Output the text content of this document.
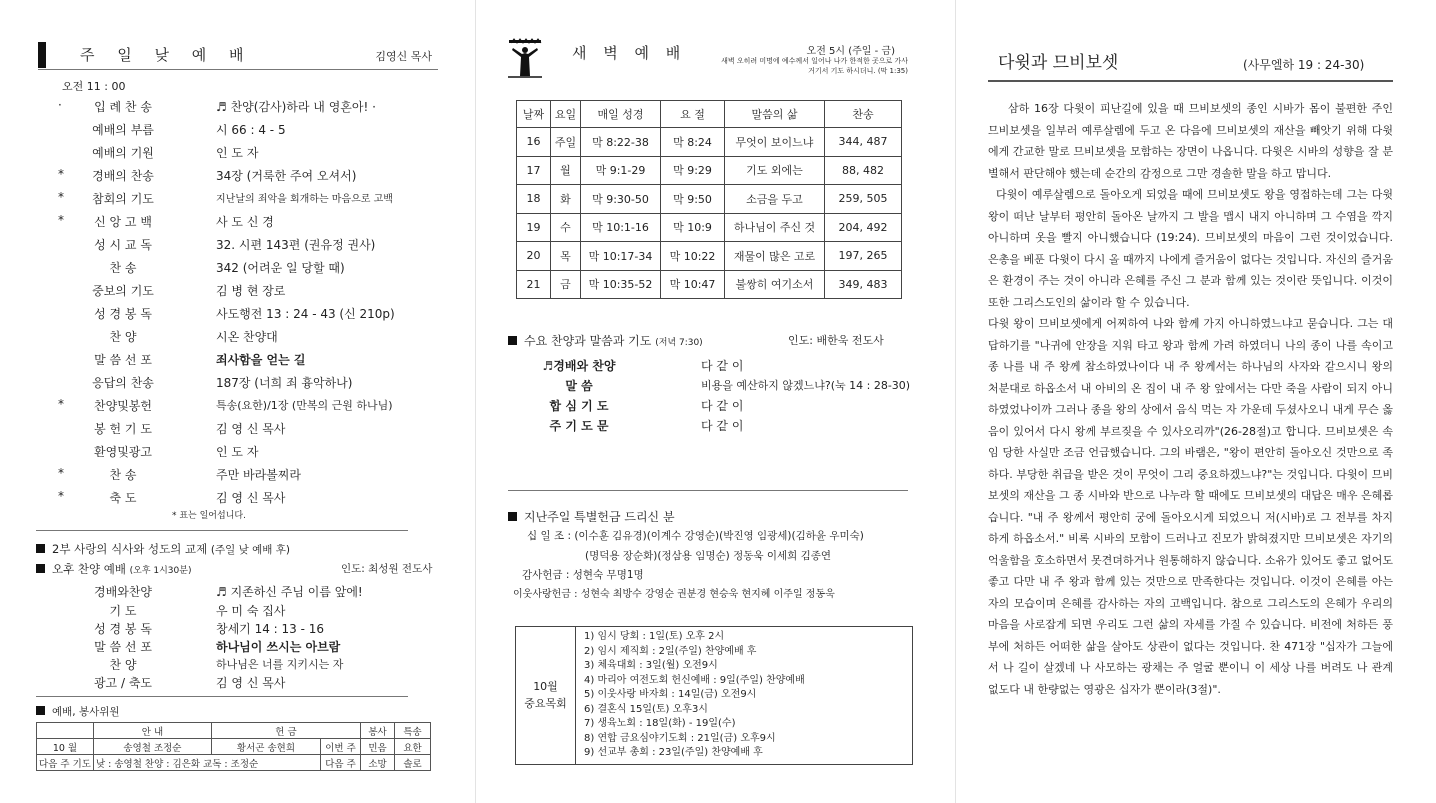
주 일 낮 예 배	김영신 목사
오전 11 : 00
·	입 례 찬 송	♬ 찬양(감사)하라 내 영혼아! ·
예배의 부름	시 66 : 4 - 5
예배의 기원	인 도 자
*	경배의 찬송	34장 (거룩한 주여 오셔서)
*	참회의 기도	지난날의 죄악을 회개하는 마음으로 고백
*	신 앙 고 백	사 도 신 경
성 시 교 독	32. 시편 143편 (권유정 권사)
찬 송	342 (어려운 일 당할 때)
중보의 기도	김 병 현 장로
성 경 봉 독	사도행전 13 : 24 - 43 (신 210p)
찬 양	시온 찬양대
말 씀 선 포	죄사함을 얻는 길
응답의 찬송	187장 (너희 죄 흉악하나)
*	찬양및봉헌	특송(요한)/1장 (만복의 근원 하나님)
봉 헌 기 도	김 영 신 목사
환영및광고	인 도 자
*	찬 송	주만 바라볼찌라
*	축 도	김 영 신 목사
* 표는 일어섭니다.
2부 사랑의 식사와 성도의 교제 (주일 낮 예배 후)
오후 찬양 예배 (오후 1시30분)	인도: 최성원 전도사
경배와찬양	♬ 지존하신 주님 이름 앞에!
기 도	우 미 숙 집사
성 경 봉 독	창세기 14 : 13 - 16
말 씀 선 포	하나님이 쓰시는 아브람
찬 양	하나님은 너를 지키시는 자
광고 / 축도	김 영 신 목사
예배, 봉사위원
	안 내	헌 금		봉사	특송
10 월	송영철 조정순	황서곤 송현희	이번 주	민음	요한
다음 주 기도	낮 : 송영철 찬양 : 김은화 교독 : 조정순		다음 주	소망	솔로
새 벽 예 배	오전 5시 (주일 - 금)
새벽 오히려 미명에 예수께서 일어나 나가 한적한 곳으로 가사 거기서 기도 하시더니. (막 1:35)
날짜	요일	매일 성경	요 절	말씀의 삶	찬송
16	주일	막 8:22-38	막 8:24	무엇이 보이느냐	344, 487
17	월	막 9:1-29	막 9:29	기도 외에는	88, 482
18	화	막 9:30-50	막 9:50	소금을 두고	259, 505
19	수	막 10:1-16	막 10:9	하나님이 주신 것	204, 492
20	목	막 10:17-34	막 10:22	재물이 많은 고로	197, 265
21	금	막 10:35-52	막 10:47	불쌍히 여기소서	349, 483
수요 찬양과 말씀과 기도 (저녁 7:30)	인도: 배한욱 전도사
♬경배와 찬양	다 같 이
말 씀	비용을 예산하지 않겠느냐?(눅 14 : 28-30)
합 심 기 도	다 같 이
주 기 도 문	다 같 이
지난주일 특별헌금 드리신 분
십 일 조 : (이수훈 김유경)(이계수 강영순)(박진영 임광세)(김하윤 우미숙)
(명덕용 장순화)(정삼용 임명순) 정동욱 이세희 김종연
감사헌금 : 성현숙 무명1명
이웃사랑헌금 : 성현숙 최방수 강영순 권분경 현승욱 현지혜 이주일 정동욱
10월
중요목회	
1) 임시 당회 : 1일(토) 오후 2시
2) 임시 제직회 : 2일(주일) 찬양예배 후
3) 체육대회 : 3일(월) 오전9시
4) 마리아 여전도회 헌신예배 : 9일(주일) 찬양예배
5) 이웃사랑 바자회 : 14일(금) 오전9시
6) 결혼식 15일(토) 오후3시
7) 생육노회 : 18일(화) - 19일(수)
8) 연합 금요심야기도회 : 21일(금) 오후9시
9) 선교부 총회 : 23일(주일) 찬양예배 후
다윗과 므비보셋	(사무엘하 19 : 24-30)

삼하 16장 다윗이 피난길에 있을 때 므비보셋의 종인 시바가 몸이 불편한 주인 므비보셋을 일부러 예루살렘에 두고 온 다음에 므비보셋의 재산을 빼앗기 위해 다윗에게 간교한 말로 므비보셋을 모함하는 장면이 나옵니다. 다윗은 시바의 성향을 잘 분별해서 판단해야 했는데 순간의 감정으로 그만 경솔한 말을 하고 맙니다.

다윗이 예루살렘으로 돌아오게 되었을 때에 므비보셋도 왕을 영접하는데 그는 다윗 왕이 떠난 날부터 평안히 돌아온 날까지 그 발을 맵시 내지 아니하며 그 수염을 깍지 아니하며 옷을 빨지 아니했습니다 (19:24). 므비보셋의 마음이 그런 것이었습니다. 은총을 베푼 다윗이 다시 올 때까지 나에게 즐거움이 없다는 것입니다. 자신의 즐거움은 환경이 주는 것이 아니라 은혜를 주신 그 분과 함께 있는 것이란 뜻입니다. 이것이 또한 그리스도인의 삶이라 할 수 있습니다.

다윗 왕이 므비보셋에게 어찌하여 나와 함께 가지 아니하였느냐고 묻습니다. 그는 대답하기를 "나귀에 안장을 지워 타고 왕과 함께 가려 하였더니 나의 종이 나를 속이고 종 나를 내 주 왕께 참소하였나이다 내 주 왕께서는 하나님의 사자와 같으시니 왕의 처분대로 하옵소서 내 아비의 온 집이 내 주 왕 앞에서는 다만 죽을 사람이 되지 아니하였었나이까 그러나 종을 왕의 상에서 음식 먹는 자 가운데 두셨사오니 내게 무슨 옳음이 있어서 다시 왕께 부르짖을 수 있사오리까"(26-28절)고 합니다. 므비보셋은 속임 당한 사실만 조금 언급했습니다. 그의 바램은, "왕이 편안히 돌아오신 것만으로 족하다. 부당한 취급을 받은 것이 무엇이 그리 중요하겠느냐?"는 것입니다. 다윗이 므비보셋의 재산을 그 종 시바와 반으로 나누라 할 때에도 므비보셋의 대답은 매우 은혜롭습니다. "내 주 왕께서 평안히 궁에 돌아오시게 되었으니 저(시바)로 그 전부를 차지하게 하옵소서." 비록 시바의 모함이 드러나고 진모가 밝혀졌지만 므비보셋은 자기의 억울함을 호소하면서 못견뎌하거나 원통해하지 않습니다. 소유가 있어도 좋고 없어도 좋고 다만 내 주 왕과 함께 있는 것만으로 만족한다는 것입니다. 이것이 은혜를 아는 자의 모습이며 은혜를 감사하는 자의 고백입니다. 참으로 그리스도의 은혜가 우리의 마음을 사로잡게 되면 우리도 그런 삶의 자세를 가질 수 있습니다. 비전에 처하든 풍부에 처하든 어떠한 삶을 살아도 상관이 없다는 것입니다. 찬 471장 "십자가 그늘에서 나 길이 살겠네 나 사모하는 광채는 주 얼굴 뿐이니 이 세상 나를 버려도 나 관계 없도다 내 한량없는 영광은 십자가 뿐이라(3절)".
